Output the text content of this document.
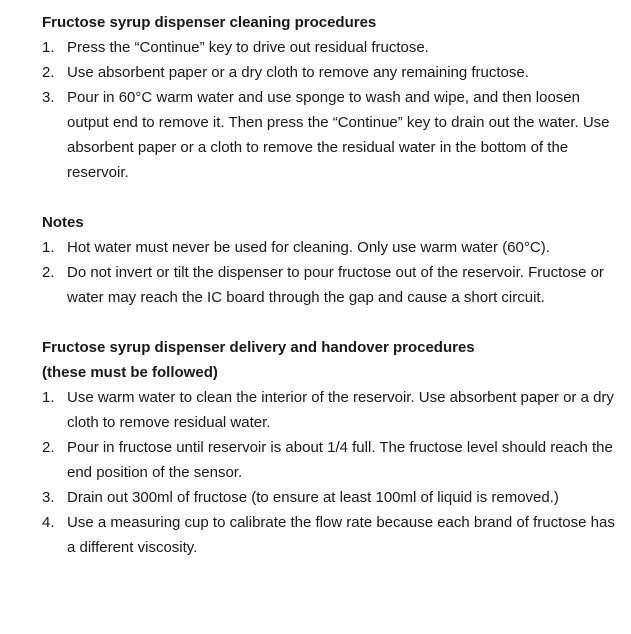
Fructose syrup dispenser cleaning procedures

1. Press the “Continue” key to drive out residual fructose.
2. Use absorbent paper or a dry cloth to remove any remaining fructose.
3. Pour in 60°C warm water and use sponge to wash and wipe, and then loosen output end to remove it. Then press the “Continue” key to drain out the water. Use absorbent paper or a cloth to remove the residual water in the bottom of the reservoir.

Notes

1. Hot water must never be used for cleaning. Only use warm water (60°C).
2. Do not invert or tilt the dispenser to pour fructose out of the reservoir. Fructose or water may reach the IC board through the gap and cause a short circuit.

Fructose syrup dispenser delivery and handover procedures

(these must be followed)

1. Use warm water to clean the interior of the reservoir. Use absorbent paper or a dry cloth to remove residual water.
2. Pour in fructose until reservoir is about 1/4 full. The fructose level should reach the end position of the sensor.
3. Drain out 300ml of fructose (to ensure at least 100ml of liquid is removed.)
4. Use a measuring cup to calibrate the flow rate because each brand of fructose has a different viscosity.
